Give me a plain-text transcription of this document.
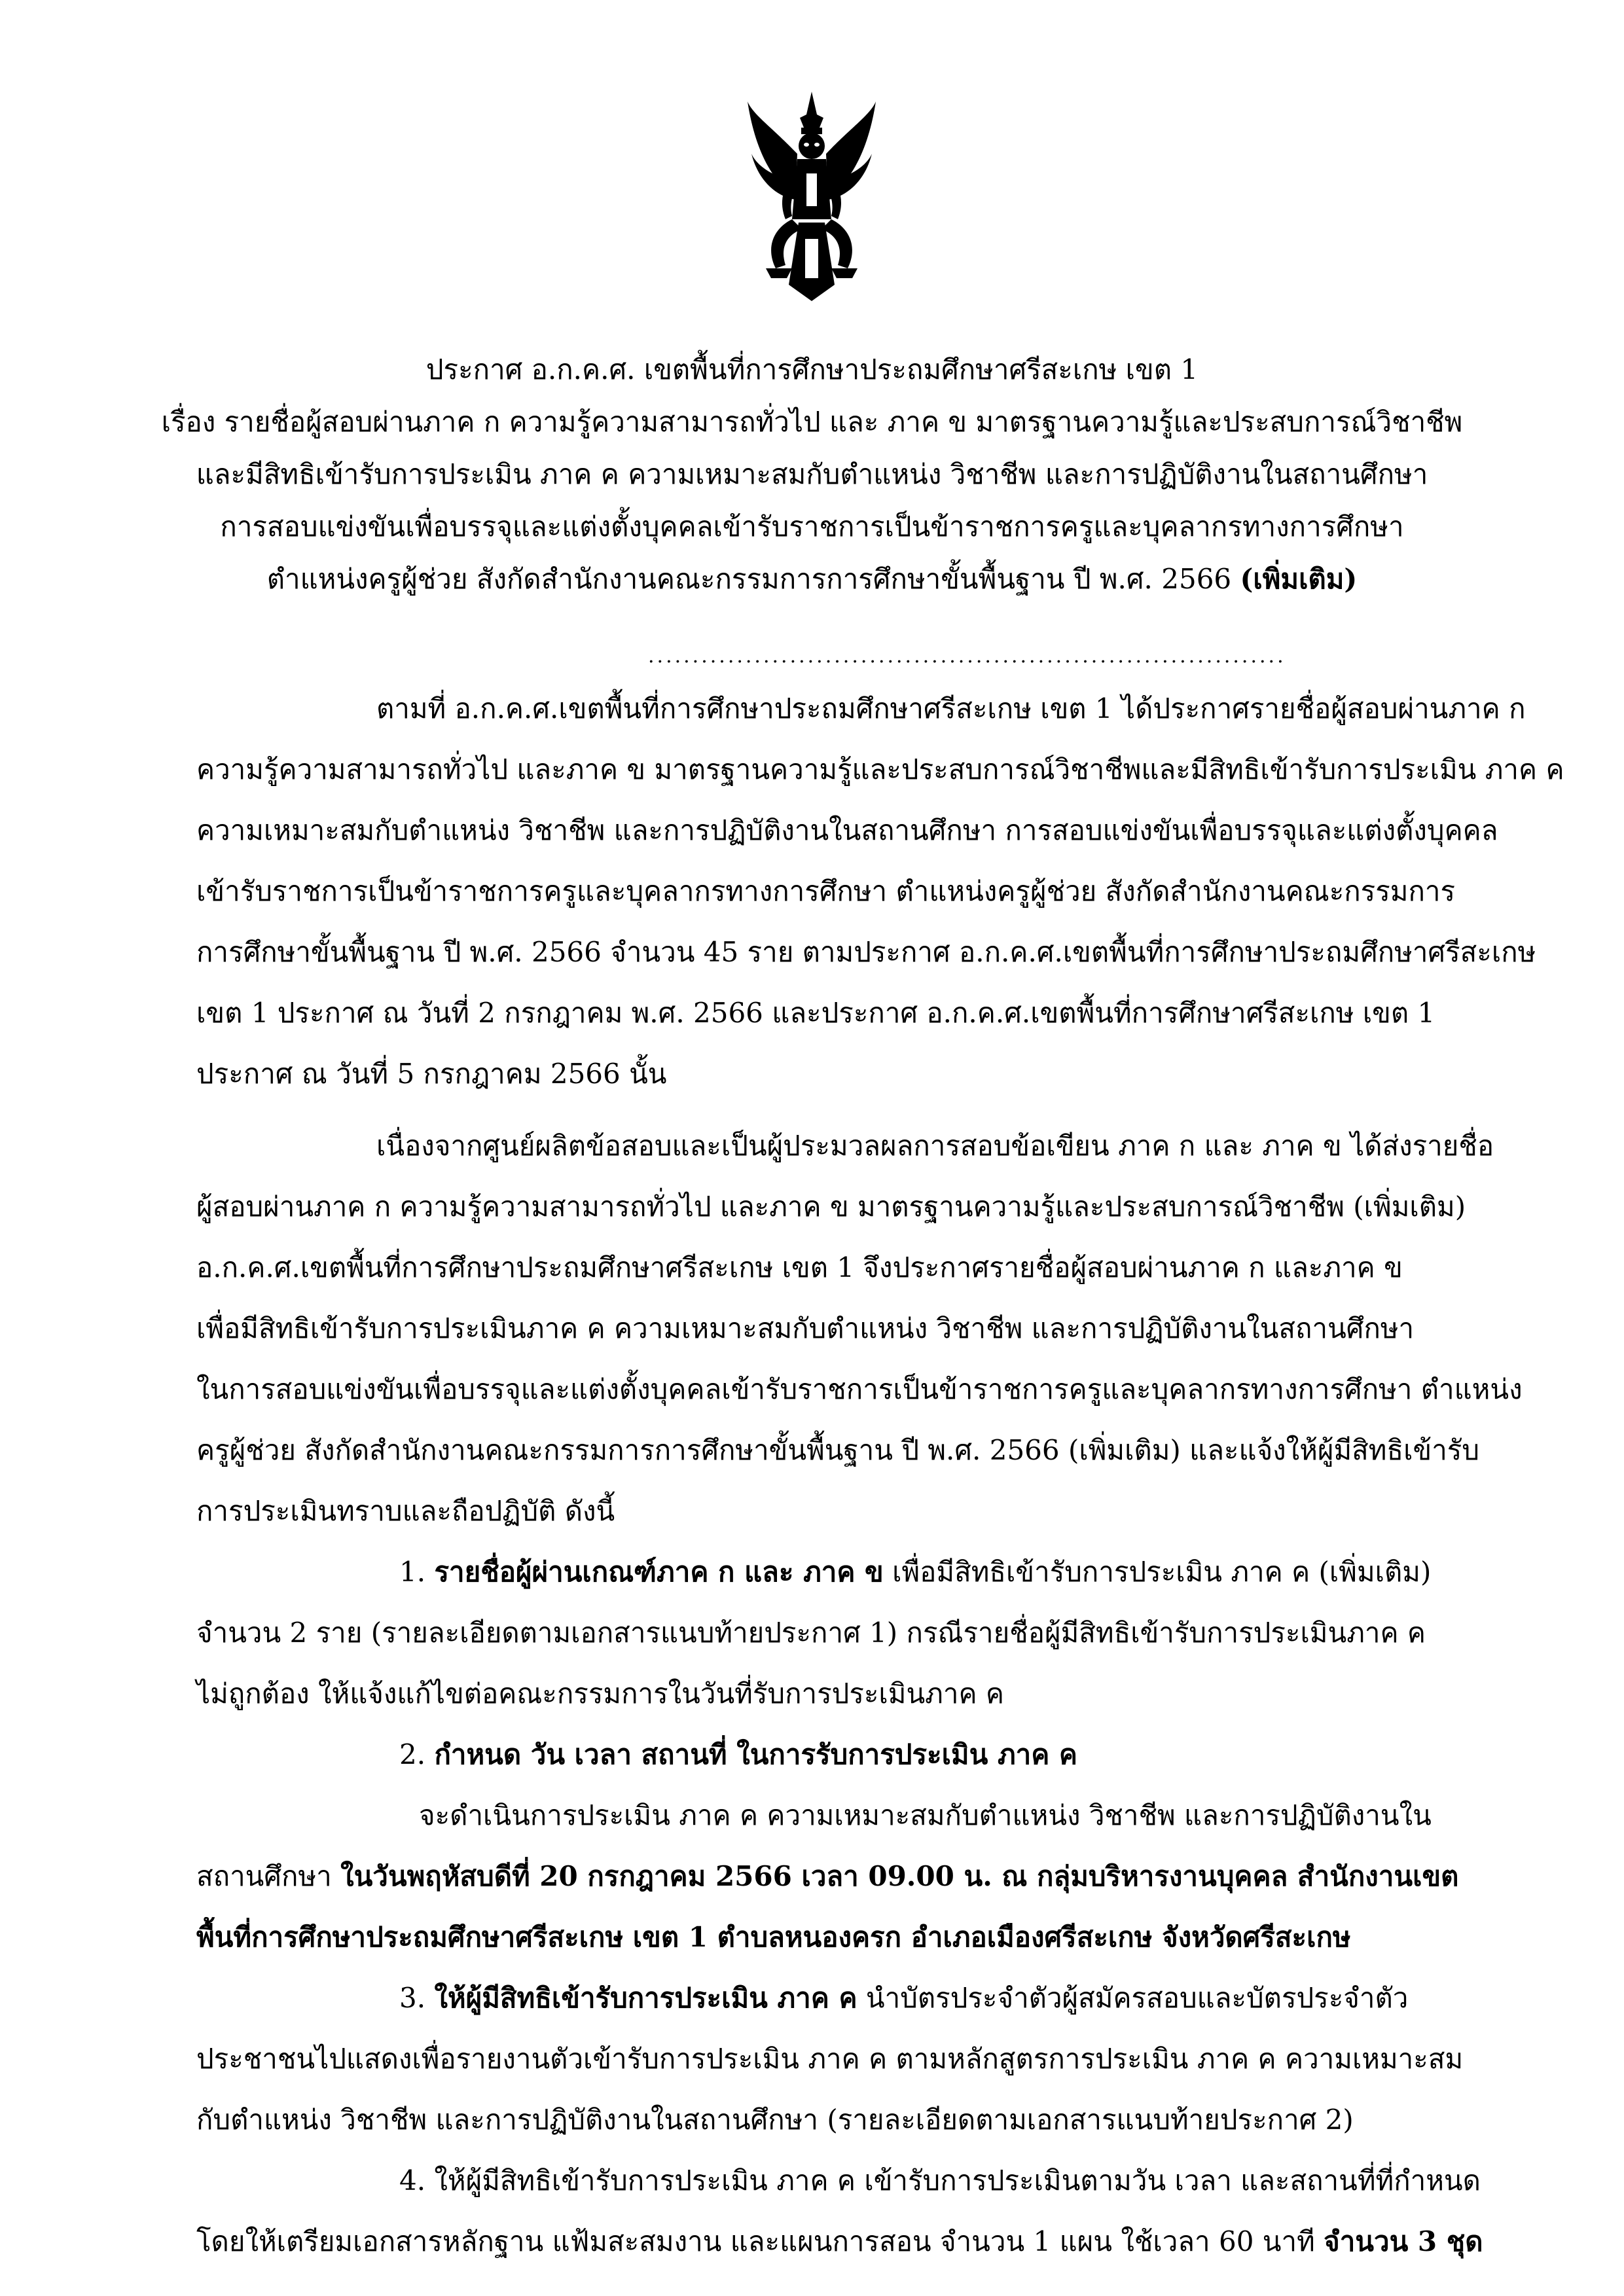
ประกาศ อ.ก.ค.ศ. เขตพื้นที่การศึกษาประถมศึกษาศรีสะเกษ เขต 1
เรื่อง รายชื่อผู้สอบผ่านภาค ก ความรู้ความสามารถทั่วไป และ ภาค ข มาตรฐานความรู้และประสบการณ์วิชาชีพ
และมีสิทธิเข้ารับการประเมิน ภาค ค ความเหมาะสมกับตำแหน่ง วิชาชีพ และการปฏิบัติงานในสถานศึกษา
การสอบแข่งขันเพื่อบรรจุและแต่งตั้งบุคคลเข้ารับราชการเป็นข้าราชการครูและบุคลากรทางการศึกษา
ตำแหน่งครูผู้ช่วย สังกัดสำนักงานคณะกรรมการการศึกษาขั้นพื้นฐาน ปี พ.ศ. 2566 (เพิ่มเติม)
........................................................................
ตามที่ อ.ก.ค.ศ.เขตพื้นที่การศึกษาประถมศึกษาศรีสะเกษ เขต 1 ได้ประกาศรายชื่อผู้สอบผ่านภาค ก
ความรู้ความสามารถทั่วไป และภาค ข มาตรฐานความรู้และประสบการณ์วิชาชีพและมีสิทธิเข้ารับการประเมิน ภาค ค
ความเหมาะสมกับตำแหน่ง วิชาชีพ และการปฏิบัติงานในสถานศึกษา การสอบแข่งขันเพื่อบรรจุและแต่งตั้งบุคคล
เข้ารับราชการเป็นข้าราชการครูและบุคลากรทางการศึกษา ตำแหน่งครูผู้ช่วย สังกัดสำนักงานคณะกรรมการ
การศึกษาขั้นพื้นฐาน ปี พ.ศ. 2566 จำนวน 45 ราย ตามประกาศ อ.ก.ค.ศ.เขตพื้นที่การศึกษาประถมศึกษาศรีสะเกษ
เขต 1 ประกาศ ณ วันที่ 2 กรกฎาคม พ.ศ. 2566 และประกาศ อ.ก.ค.ศ.เขตพื้นที่การศึกษาศรีสะเกษ เขต 1
ประกาศ ณ วันที่ 5 กรกฎาคม 2566 นั้น
เนื่องจากศูนย์ผลิตข้อสอบและเป็นผู้ประมวลผลการสอบข้อเขียน ภาค ก และ ภาค ข ได้ส่งรายชื่อ
ผู้สอบผ่านภาค ก ความรู้ความสามารถทั่วไป และภาค ข มาตรฐานความรู้และประสบการณ์วิชาชีพ (เพิ่มเติม)
อ.ก.ค.ศ.เขตพื้นที่การศึกษาประถมศึกษาศรีสะเกษ เขต 1 จึงประกาศรายชื่อผู้สอบผ่านภาค ก และภาค ข
เพื่อมีสิทธิเข้ารับการประเมินภาค ค ความเหมาะสมกับตำแหน่ง วิชาชีพ และการปฏิบัติงานในสถานศึกษา
ในการสอบแข่งขันเพื่อบรรจุและแต่งตั้งบุคคลเข้ารับราชการเป็นข้าราชการครูและบุคลากรทางการศึกษา ตำแหน่ง
ครูผู้ช่วย สังกัดสำนักงานคณะกรรมการการศึกษาขั้นพื้นฐาน ปี พ.ศ. 2566 (เพิ่มเติม) และแจ้งให้ผู้มีสิทธิเข้ารับ
การประเมินทราบและถือปฏิบัติ ดังนี้
1. รายชื่อผู้ผ่านเกณฑ์ภาค ก และ ภาค ข เพื่อมีสิทธิเข้ารับการประเมิน ภาค ค (เพิ่มเติม)
จำนวน 2 ราย (รายละเอียดตามเอกสารแนบท้ายประกาศ 1) กรณีรายชื่อผู้มีสิทธิเข้ารับการประเมินภาค ค
ไม่ถูกต้อง ให้แจ้งแก้ไขต่อคณะกรรมการในวันที่รับการประเมินภาค ค
2. กำหนด วัน เวลา สถานที่ ในการรับการประเมิน ภาค ค
จะดำเนินการประเมิน ภาค ค ความเหมาะสมกับตำแหน่ง วิชาชีพ และการปฏิบัติงานใน
สถานศึกษา ในวันพฤหัสบดีที่ 20 กรกฎาคม 2566 เวลา 09.00 น. ณ กลุ่มบริหารงานบุคคล สำนักงานเขต
พื้นที่การศึกษาประถมศึกษาศรีสะเกษ เขต 1 ตำบลหนองครก อำเภอเมืองศรีสะเกษ จังหวัดศรีสะเกษ
3. ให้ผู้มีสิทธิเข้ารับการประเมิน ภาค ค นำบัตรประจำตัวผู้สมัครสอบและบัตรประจำตัว
ประชาชนไปแสดงเพื่อรายงานตัวเข้ารับการประเมิน ภาค ค ตามหลักสูตรการประเมิน ภาค ค ความเหมาะสม
กับตำแหน่ง วิชาชีพ และการปฏิบัติงานในสถานศึกษา (รายละเอียดตามเอกสารแนบท้ายประกาศ 2)
4. ให้ผู้มีสิทธิเข้ารับการประเมิน ภาค ค เข้ารับการประเมินตามวัน เวลา และสถานที่ที่กำหนด
โดยให้เตรียมเอกสารหลักฐาน แฟ้มสะสมงาน และแผนการสอน จำนวน 1 แผน ใช้เวลา 60 นาที จำนวน 3 ชุด
